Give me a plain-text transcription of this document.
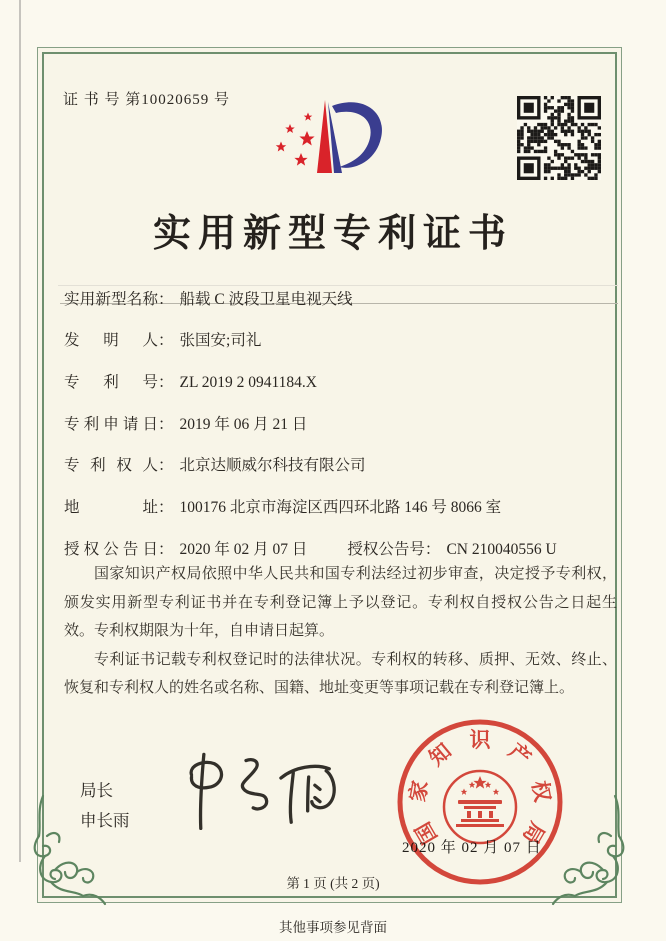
证 书 号 第10020659 号
实用新型专利证书
实用新型名称： 船载 C 波段卫星电视天线
发明人： 张国安;司礼
专利号： ZL 2019 2 0941184.X
专利申请日： 2019 年 06 月 21 日
专利权人： 北京达顺威尔科技有限公司
地址： 100176 北京市海淀区西四环北路 146 号 8066 室
授权公告日： 2020 年 02 月 07 日	授权公告号： CN 210040556 U

国家知识产权局依照中华人民共和国专利法经过初步审查，决定授予专利权，颁发实用新型专利证书并在专利登记簿上予以登记。专利权自授权公告之日起生效。专利权期限为十年，自申请日起算。

专利证书记载专利权登记时的法律状况。专利权的转移、质押、无效、终止、恢复和专利权人的姓名或名称、国籍、地址变更等事项记载在专利登记簿上。

局长
申长雨
2020 年 02 月 07 日
国
家
知 识 产
权
局
第 1 页 (共 2 页)
其他事项参见背面
